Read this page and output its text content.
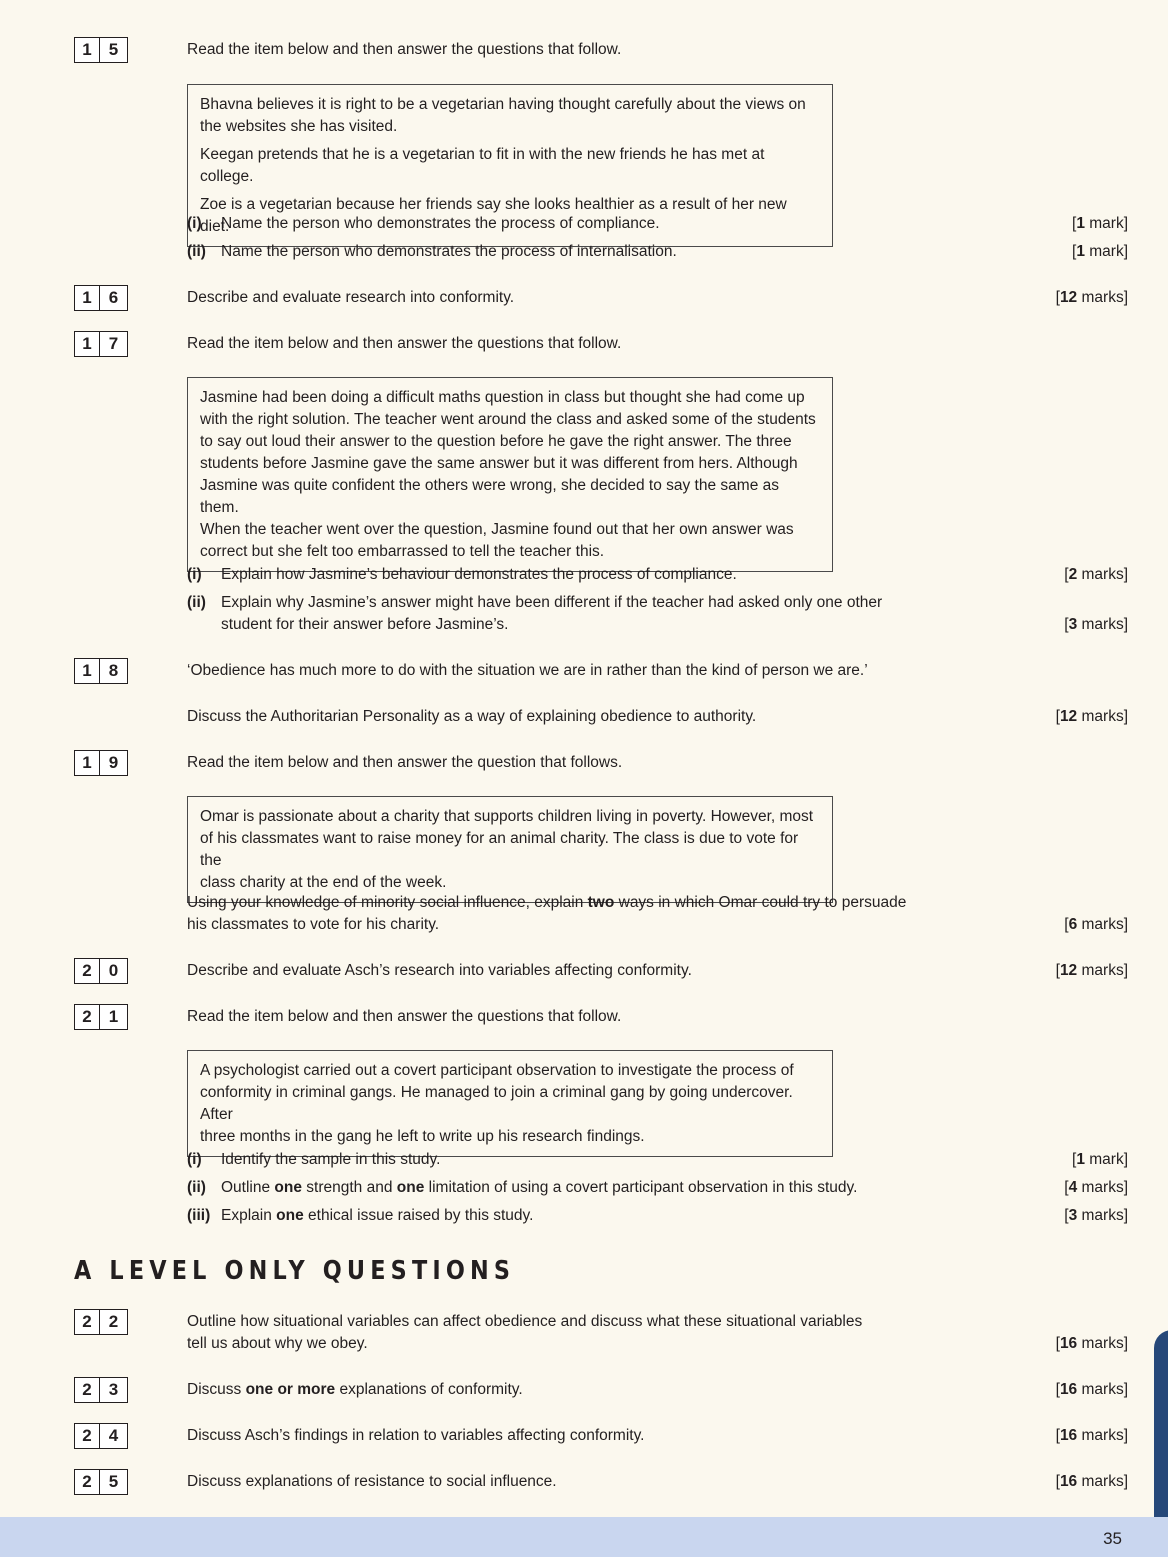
1	5	Read the item below and then answer the questions that follow.

Bhavna believes it is right to be a vegetarian having thought carefully about the views on

the websites she has visited.

Keegan pretends that he is a vegetarian to fit in with the new friends he has met at college.

Zoe is a vegetarian because her friends say she looks healthier as a result of her new diet.

(i) Name the person who demonstrates the process of compliance.	[1 mark]
(ii) Name the person who demonstrates the process of internalisation.	[1 mark]
1	6	Describe and evaluate research into conformity.	[12 marks]
1	7	Read the item below and then answer the questions that follow.

Jasmine had been doing a difficult maths question in class but thought she had come up

with the right solution. The teacher went around the class and asked some of the students

to say out loud their answer to the question before he gave the right answer. The three

students before Jasmine gave the same answer but it was different from hers. Although

Jasmine was quite confident the others were wrong, she decided to say the same as them.

When the teacher went over the question, Jasmine found out that her own answer was

correct but she felt too embarrassed to tell the teacher this.

(i) Explain how Jasmine’s behaviour demonstrates the process of compliance.	[2 marks]
(ii) Explain why Jasmine’s answer might have been different if the teacher had asked only one other
student for their answer before Jasmine’s.	[3 marks]
1	8	‘Obedience has much more to do with the situation we are in rather than the kind of person we are.’
Discuss the Authoritarian Personality as a way of explaining obedience to authority.	[12 marks]
1	9	Read the item below and then answer the question that follows.

Omar is passionate about a charity that supports children living in poverty. However, most

of his classmates want to raise money for an animal charity. The class is due to vote for the

class charity at the end of the week.

Using your knowledge of minority social influence, explain two ways in which Omar could try to persuade
his classmates to vote for his charity.	[6 marks]
2	0	Describe and evaluate Asch’s research into variables affecting conformity.	[12 marks]
2	1	Read the item below and then answer the questions that follow.

A psychologist carried out a covert participant observation to investigate the process of

conformity in criminal gangs. He managed to join a criminal gang by going undercover. After

three months in the gang he left to write up his research findings.

(i) Identify the sample in this study.	[1 mark]
(ii) Outline one strength and one limitation of using a covert participant observation in this study.	[4 marks]
(iii) Explain one ethical issue raised by this study.	[3 marks]
A LEVEL ONLY QUESTIONS
2	2	Outline how situational variables can affect obedience and discuss what these situational variables
tell us about why we obey.	[16 marks]
2	3	Discuss one or more explanations of conformity.	[16 marks]
2	4	Discuss Asch’s findings in relation to variables affecting conformity.	[16 marks]
2	5	Discuss explanations of resistance to social influence.	[16 marks]
35
